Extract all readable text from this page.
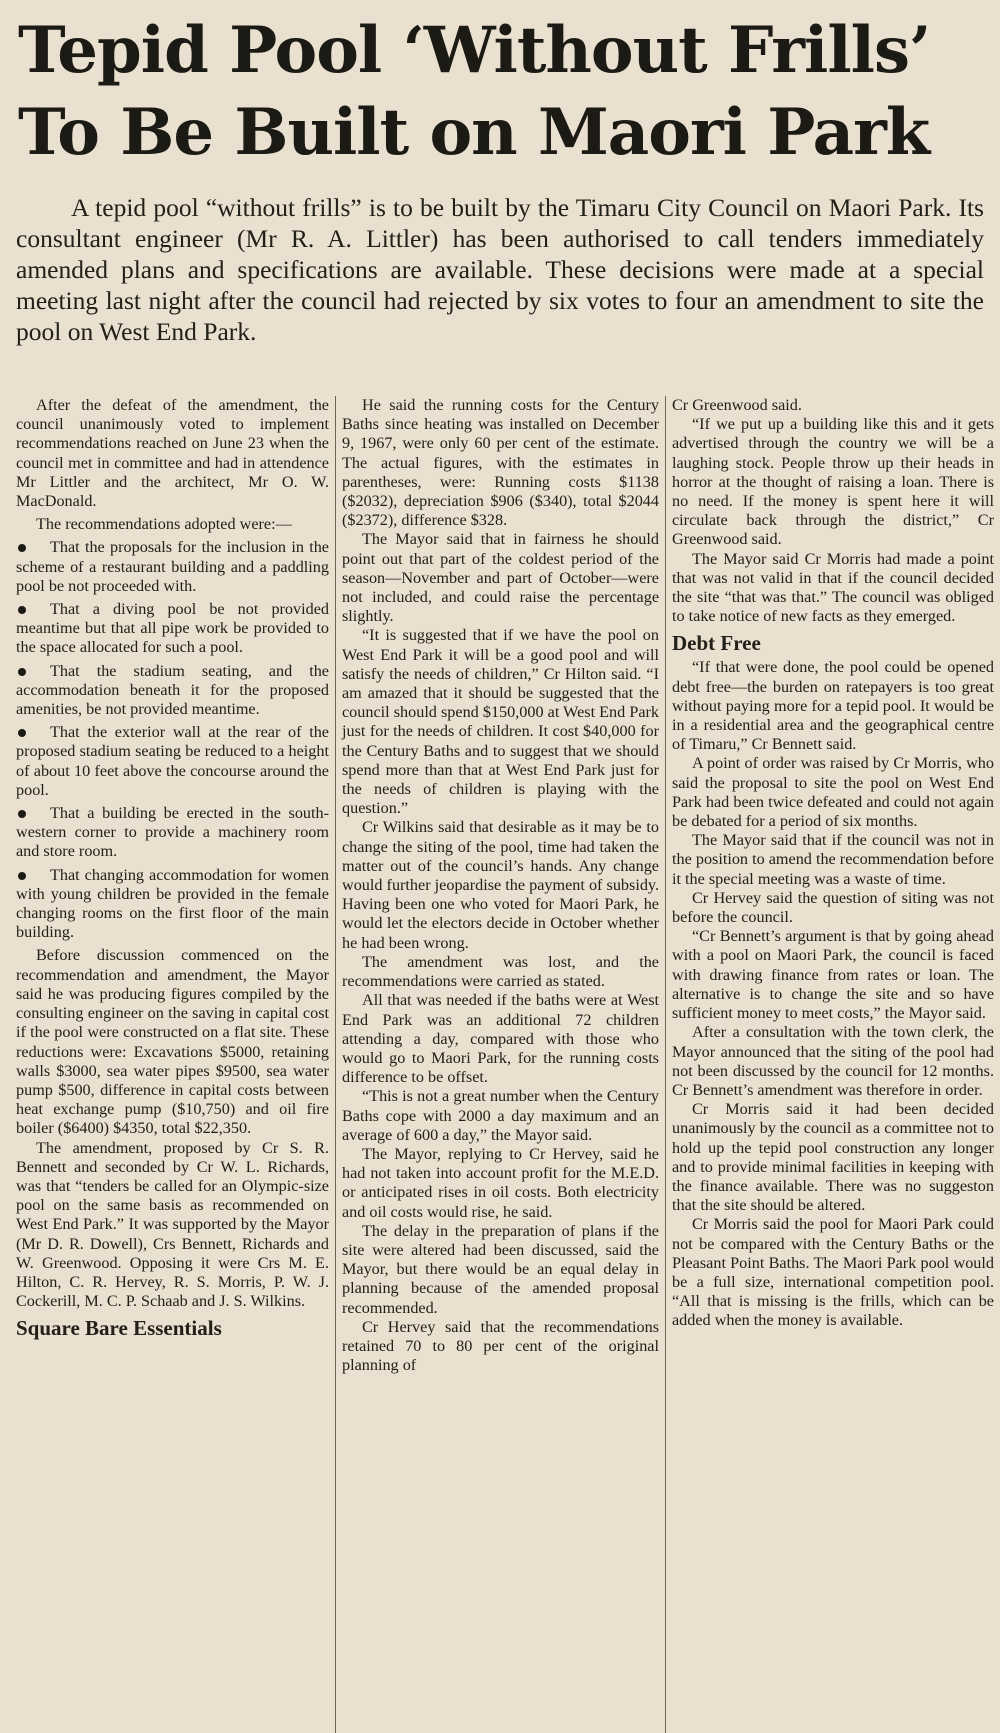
Tepid Pool ‘Without Frills’
To Be Built on Maori Park

A tepid pool “without frills” is to be built by the Timaru City Council on Maori Park. Its consultant engineer (Mr R. A. Littler) has been authorised to call tenders immediately amended plans and specifications are available. These decisions were made at a special meeting last night after the council had rejected by six votes to four an amendment to site the pool on West End Park.

After the defeat of the amendment, the council unanimously voted to implement recommendations reached on June 23 when the council met in committee and had in attendence Mr Littler and the architect, Mr O. W. MacDonald.

The recommendations adopted were:—

That the proposals for the inclusion in the scheme of a restaurant building and a paddling pool be not proceeded with.

That a diving pool be not provided meantime but that all pipe work be provided to the space allocated for such a pool.

That the stadium seating, and the accommodation beneath it for the proposed amenities, be not provided meantime.

That the exterior wall at the rear of the proposed stadium seating be reduced to a height of about 10 feet above the concourse around the pool.

That a building be erected in the south-western corner to provide a machinery room and store room.

That changing accommodation for women with young children be provided in the female changing rooms on the first floor of the main building.

Before discussion commenced on the recommendation and amendment, the Mayor said he was producing figures compiled by the consulting engineer on the saving in capital cost if the pool were constructed on a flat site. These reductions were: Excavations $5000, retaining walls $3000, sea water pipes $9500, sea water pump $500, difference in capital costs between heat exchange pump ($10,750) and oil fire boiler ($6400) $4350, total $22,350.

The amendment, proposed by Cr S. R. Bennett and seconded by Cr W. L. Richards, was that “tenders be called for an Olympic-size pool on the same basis as recommended on West End Park.” It was supported by the Mayor (Mr D. R. Dowell), Crs Bennett, Richards and W. Greenwood. Opposing it were Crs M. E. Hilton, C. R. Hervey, R. S. Morris, P. W. J. Cockerill, M. C. P. Schaab and J. S. Wilkins.

Square Bare Essentials

He said the running costs for the Century Baths since heating was installed on December 9, 1967, were only 60 per cent of the estimate. The actual figures, with the estimates in parentheses, were: Running costs $1138 ($2032), depreciation $906 ($340), total $2044 ($2372), difference $328.

The Mayor said that in fairness he should point out that part of the coldest period of the season—November and part of October—were not included, and could raise the percentage slightly.

“It is suggested that if we have the pool on West End Park it will be a good pool and will satisfy the needs of children,” Cr Hilton said. “I am amazed that it should be suggested that the council should spend $150,000 at West End Park just for the needs of children. It cost $40,000 for the Century Baths and to suggest that we should spend more than that at West End Park just for the needs of children is playing with the question.”

Cr Wilkins said that desirable as it may be to change the siting of the pool, time had taken the matter out of the council’s hands. Any change would further jeopardise the payment of subsidy. Having been one who voted for Maori Park, he would let the electors decide in October whether he had been wrong.

The amendment was lost, and the recommendations were carried as stated.

All that was needed if the baths were at West End Park was an additional 72 children attending a day, compared with those who would go to Maori Park, for the running costs difference to be offset.

“This is not a great number when the Century Baths cope with 2000 a day maximum and an average of 600 a day,” the Mayor said.

The Mayor, replying to Cr Hervey, said he had not taken into account profit for the M.E.D. or anticipated rises in oil costs. Both electricity and oil costs would rise, he said.

The delay in the preparation of plans if the site were altered had been discussed, said the Mayor, but there would be an equal delay in planning because of the amended proposal recommended.

Cr Hervey said that the recommendations retained 70 to 80 per cent of the original planning of

Cr Greenwood said.

“If we put up a building like this and it gets advertised through the country we will be a laughing stock. People throw up their heads in horror at the thought of raising a loan. There is no need. If the money is spent here it will circulate back through the district,” Cr Greenwood said.

The Mayor said Cr Morris had made a point that was not valid in that if the council decided the site “that was that.” The council was obliged to take notice of new facts as they emerged.

Debt Free

“If that were done, the pool could be opened debt free—the burden on ratepayers is too great without paying more for a tepid pool. It would be in a residential area and the geographical centre of Timaru,” Cr Bennett said.

A point of order was raised by Cr Morris, who said the proposal to site the pool on West End Park had been twice defeated and could not again be debated for a period of six months.

The Mayor said that if the council was not in the position to amend the recommendation before it the special meeting was a waste of time.

Cr Hervey said the question of siting was not before the council.

“Cr Bennett’s argument is that by going ahead with a pool on Maori Park, the council is faced with drawing finance from rates or loan. The alternative is to change the site and so have sufficient money to meet costs,” the Mayor said.

After a consultation with the town clerk, the Mayor announced that the siting of the pool had not been discussed by the council for 12 months. Cr Bennett’s amendment was therefore in order.

Cr Morris said it had been decided unanimously by the council as a committee not to hold up the tepid pool construction any longer and to provide minimal facilities in keeping with the finance available. There was no suggeston that the site should be altered.

Cr Morris said the pool for Maori Park could not be compared with the Century Baths or the Pleasant Point Baths. The Maori Park pool would be a full size, international competition pool. “All that is missing is the frills, which can be added when the money is available.
